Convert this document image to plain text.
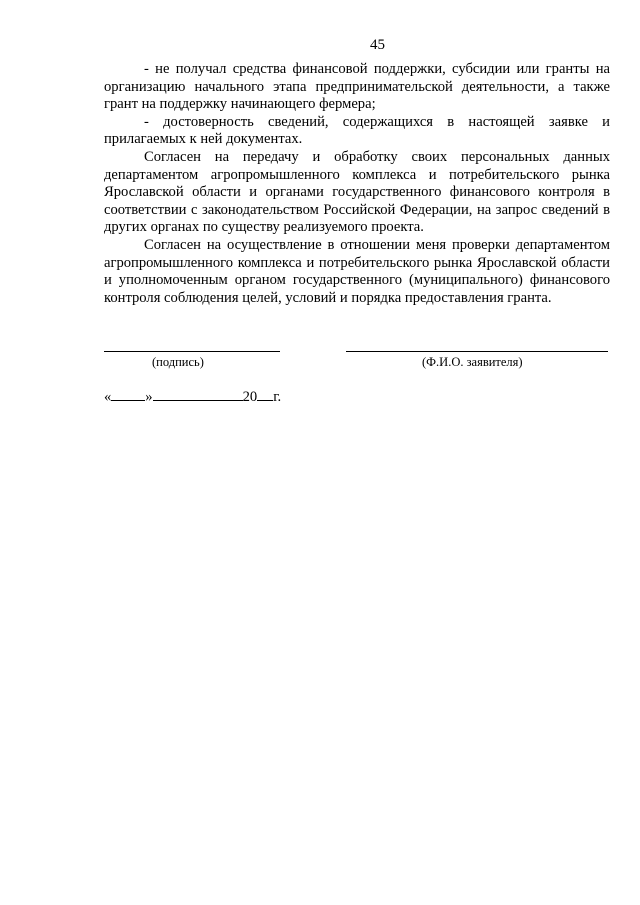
45

- не получал средства финансовой поддержки, субсидии или гранты на организацию начального этапа предпринимательской деятельности, а также грант на поддержку начинающего фермера;

- достоверность сведений, содержащихся в настоящей заявке и прилагаемых к ней документах.

Согласен на передачу и обработку своих персональных данных департаментом агропромышленного комплекса и потребительского рынка Ярославской области и органами государственного финансового контроля в соответствии с законодательством Российской Федерации, на запрос сведений в других органах по существу реализуемого проекта.

Согласен на осуществление в отношении меня проверки департаментом агропромышленного комплекса и потребительского рынка Ярославской области и уполномоченным органом государственного (муниципального) финансового контроля соблюдения целей, условий и порядка предоставления гранта.

(подпись)	(Ф.И.О. заявителя)
« »	20 г.
